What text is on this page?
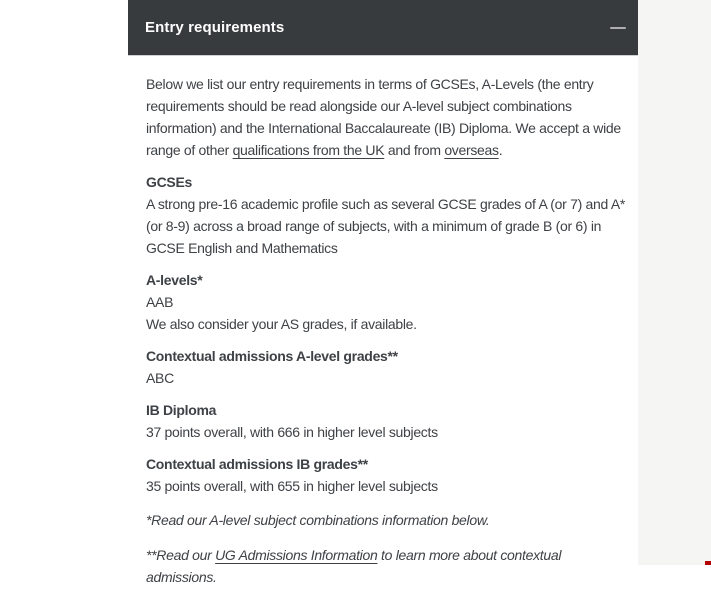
Entry requirements

Below we list our entry requirements in terms of GCSEs, A-Levels (the entry requirements should be read alongside our A-level subject combinations information) and the International Baccalaureate (IB) Diploma. We accept a wide range of other qualifications from the UK and from overseas.

GCSEs
A strong pre-16 academic profile such as several GCSE grades of A (or 7) and A* (or 8-9) across a broad range of subjects, with a minimum of grade B (or 6) in GCSE English and Mathematics
A-levels*
AAB
We also consider your AS grades, if available.
Contextual admissions A-level grades**
ABC
IB Diploma
37 points overall, with 666 in higher level subjects
Contextual admissions IB grades**
35 points overall, with 655 in higher level subjects

*Read our A-level subject combinations information below.

**Read our UG Admissions Information to learn more about contextual admissions.
